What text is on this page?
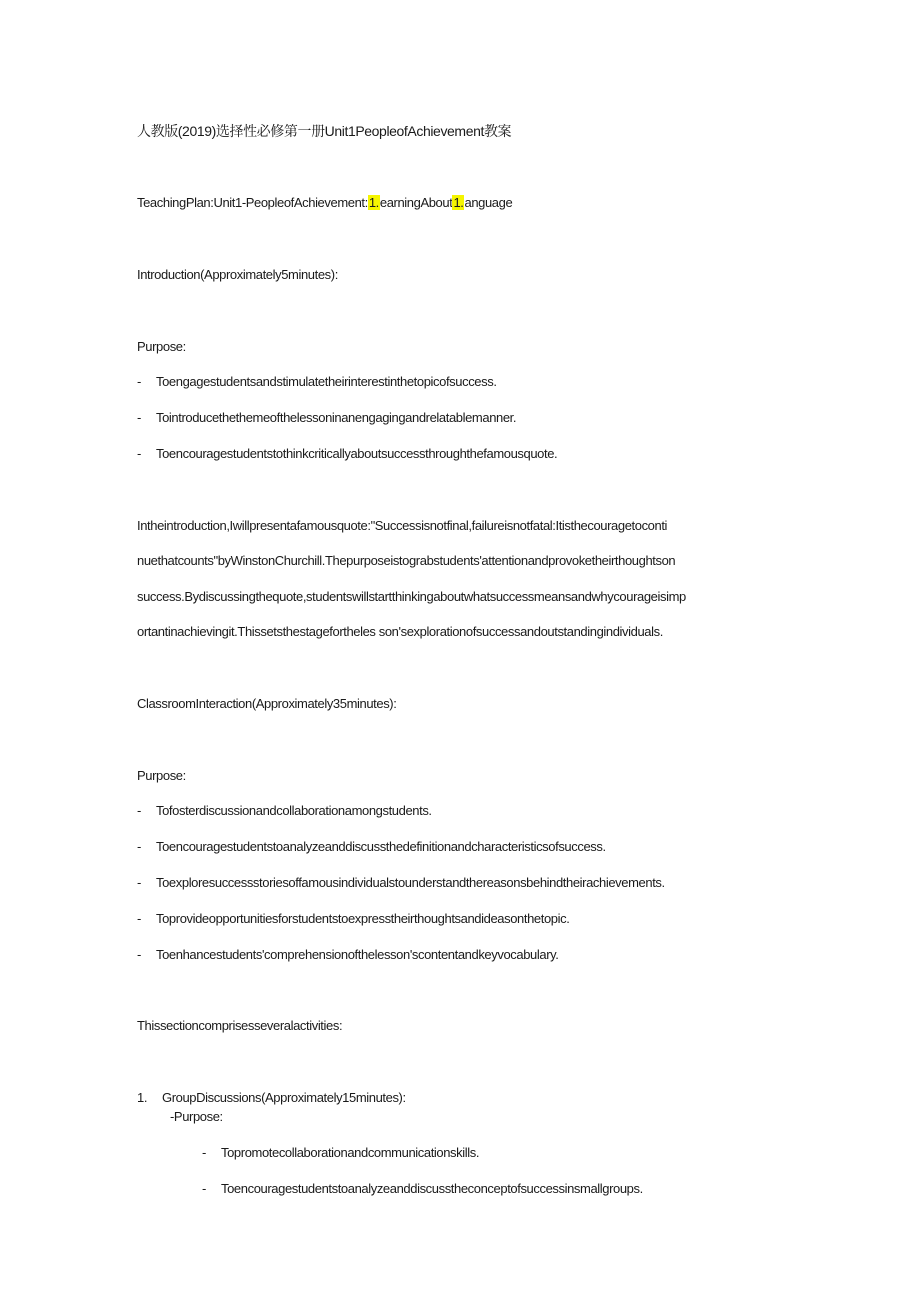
人教版(2019)选择性必修第一册Unit1PeopleofAchievement教案
TeachingPlan:Unit1-PeopleofAchievement:1.earningAbout1.anguage
Introduction(Approximately5minutes):
Purpose:
- Toengagestudentsandstimulatetheirinterestinthetopicofsuccess.
- Tointroducethethemeofthelessoninanengagingandrelatablemanner.
- Toencouragestudentstothinkcriticallyaboutsuccessthroughthefamousquote.
Intheintroduction,Iwillpresentafamousquote:"Successisnotfinal,failureisnotfatal:Itisthecouragetoconti
nuethatcounts"byWinstonChurchill.Thepurposeistograbstudents'attentionandprovoketheirthoughtson
success.Bydiscussingthequote,studentswillstartthinkingaboutwhatsuccessmeansandwhycourageisimp
ortantinachievingit.Thissetsthestagefortheles son'sexplorationofsuccessandoutstandingindividuals.
ClassroomInteraction(Approximately35minutes):
Purpose:
- Tofosterdiscussionandcollaborationamongstudents.
- Toencouragestudentstoanalyzeanddiscussthedefinitionandcharacteristicsofsuccess.
- Toexploresuccessstoriesoffamousindividualstounderstandthereasonsbehindtheirachievements.
- Toprovideopportunitiesforstudentstoexpresstheirthoughtsandideasonthetopic.
- Toenhancestudents'comprehensionofthelesson'scontentandkeyvocabulary.
Thissectioncomprisesseveralactivities:
1. GroupDiscussions(Approximately15minutes):
-Purpose:
- Topromotecollaborationandcommunicationskills.
- Toencouragestudentstoanalyzeanddiscusstheconceptofsuccessinsmallgroups.
